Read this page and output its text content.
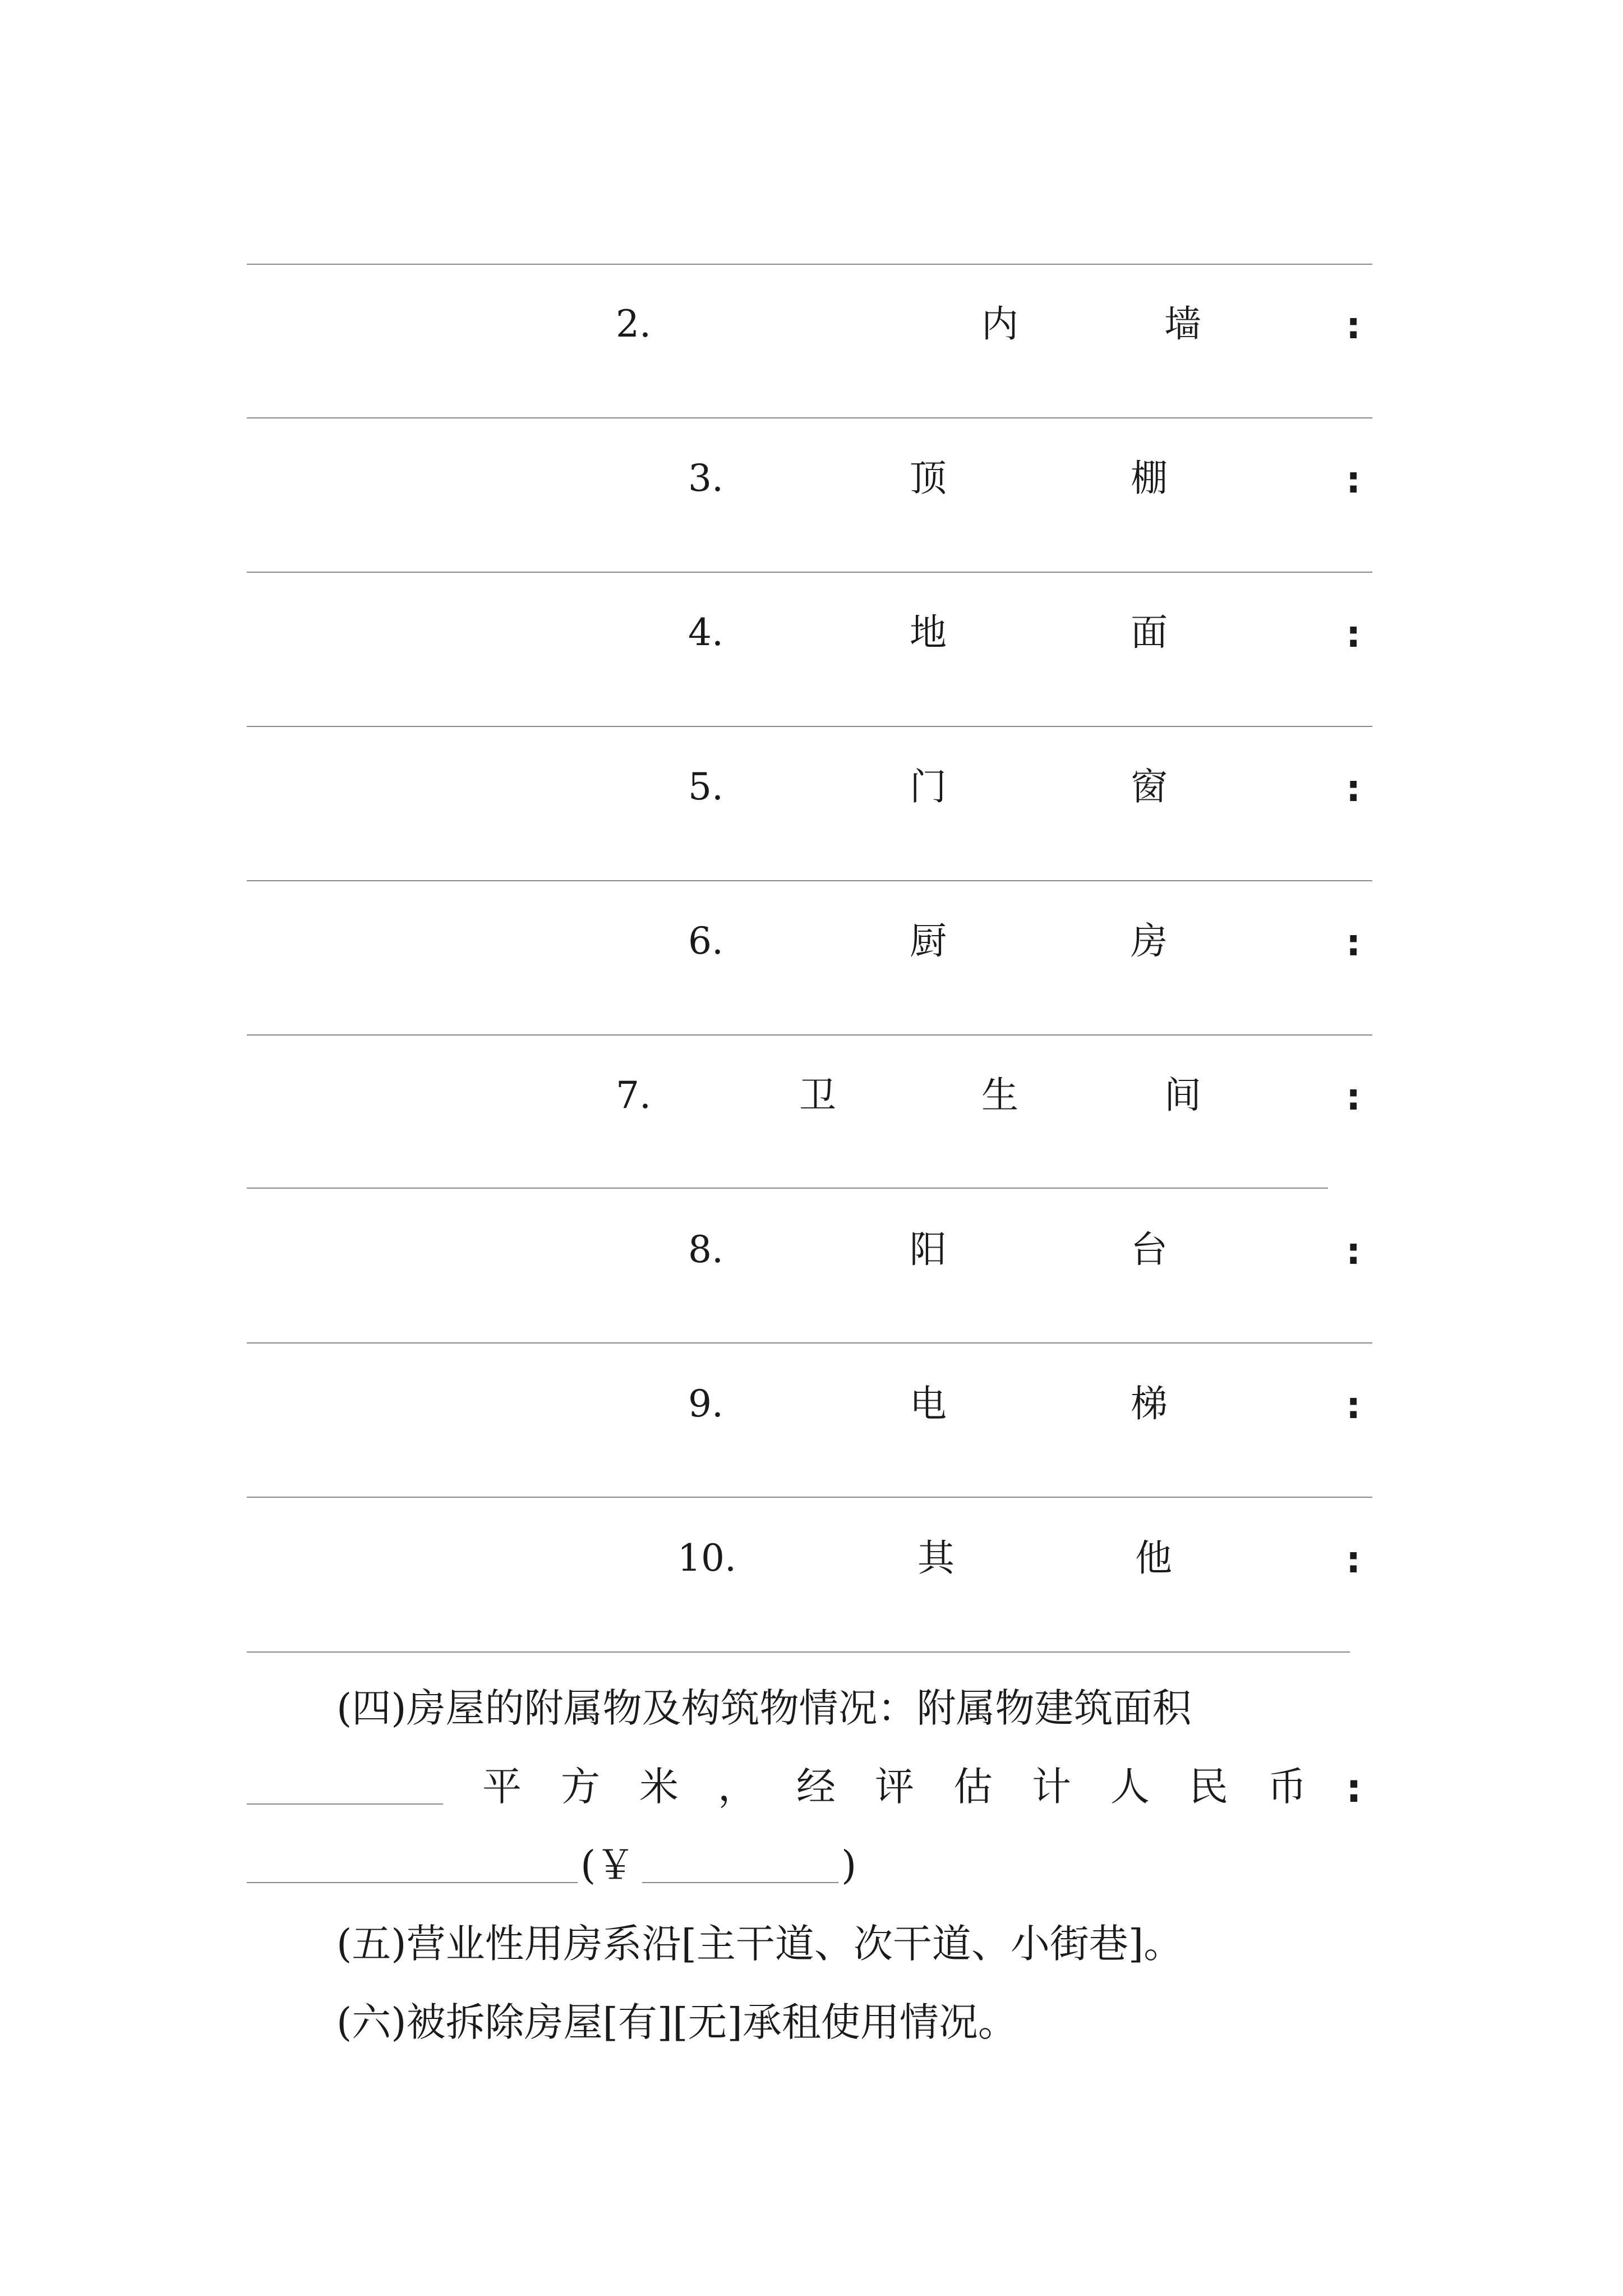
2.	内	墙	:
3.	顶	棚	:
4.	地	面	:
5.	门	窗	:
6.	厨	房	:
7.	卫	生	间	:
8.	阳	台	:
9.	电	梯	:
10.	其	他	:
(四)房屋的附属物及构筑物情况：附属物建筑面积
平 方 米 ， 经 评 估 计 人 民 币 :
(￥	)
(五)营业性用房系沿[主干道、次干道、小街巷]。
(六)被拆除房屋[有][无]承租使用情况。
